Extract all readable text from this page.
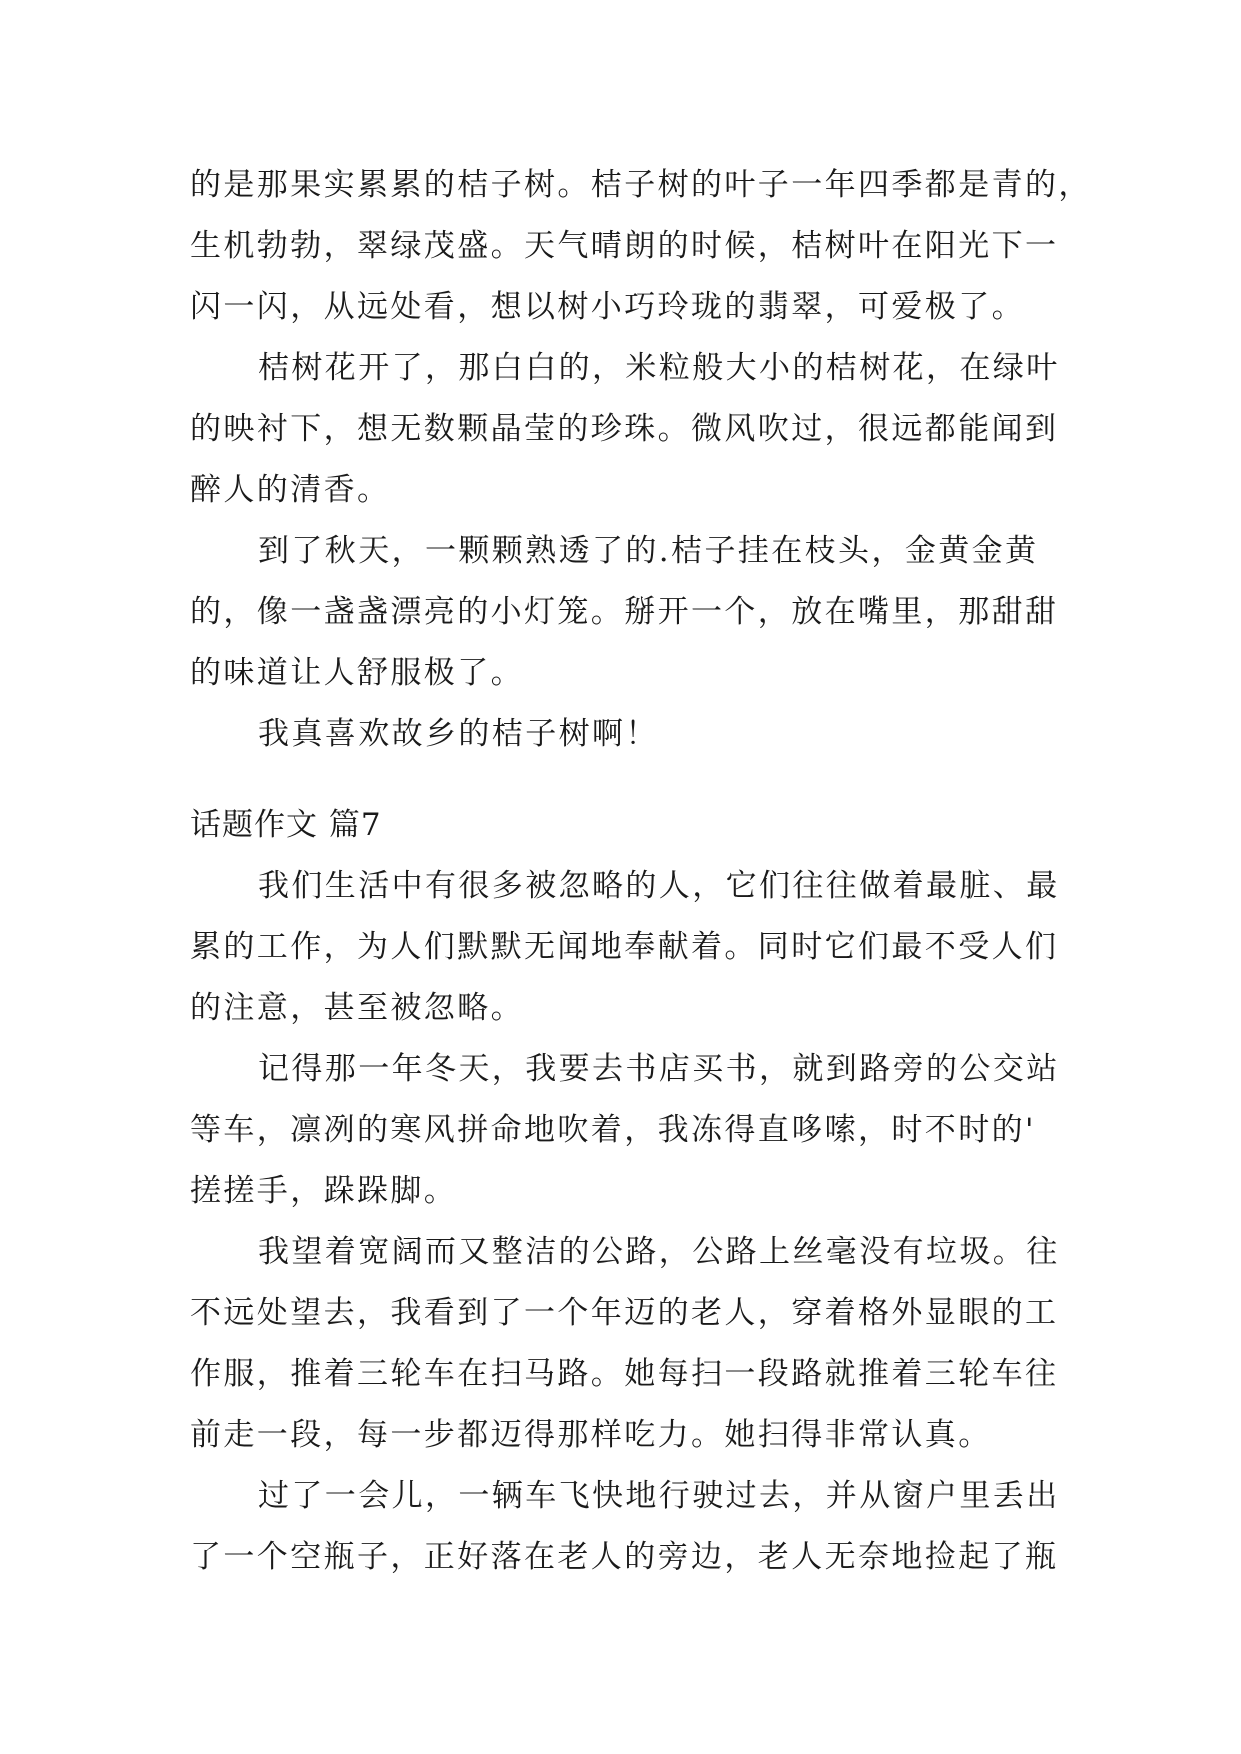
的是那果实累累的桔子树。桔子树的叶子一年四季都是青的，

生机勃勃，翠绿茂盛。天气晴朗的时候，桔树叶在阳光下一

闪一闪，从远处看，想以树小巧玲珑的翡翠，可爱极了。

桔树花开了，那白白的，米粒般大小的桔树花，在绿叶

的映衬下，想无数颗晶莹的珍珠。微风吹过，很远都能闻到

醉人的清香。

到了秋天，一颗颗熟透了的.桔子挂在枝头，金黄金黄

的，像一盏盏漂亮的小灯笼。掰开一个，放在嘴里，那甜甜

的味道让人舒服极了。

我真喜欢故乡的桔子树啊！

话题作文 篇7

我们生活中有很多被忽略的人，它们往往做着最脏、最

累的工作，为人们默默无闻地奉献着。同时它们最不受人们

的注意，甚至被忽略。

记得那一年冬天，我要去书店买书，就到路旁的公交站

等车，凛冽的寒风拼命地吹着，我冻得直哆嗦，时不时的'

搓搓手，跺跺脚。

我望着宽阔而又整洁的公路，公路上丝毫没有垃圾。往

不远处望去，我看到了一个年迈的老人，穿着格外显眼的工

作服，推着三轮车在扫马路。她每扫一段路就推着三轮车往

前走一段，每一步都迈得那样吃力。她扫得非常认真。

过了一会儿，一辆车飞快地行驶过去，并从窗户里丢出

了一个空瓶子，正好落在老人的旁边，老人无奈地捡起了瓶
